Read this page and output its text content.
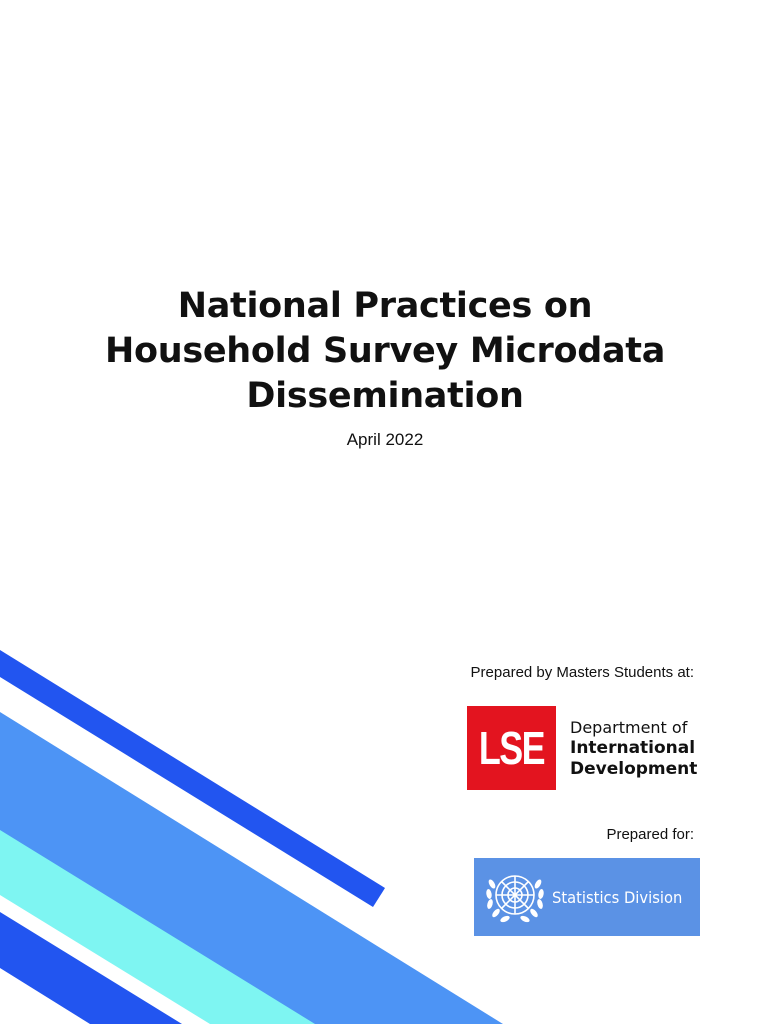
National Practices on
Household Survey Microdata
Dissemination
April 2022
Prepared by Masters Students at:
LSE	Department of
International
Development
Prepared for:
Statistics Division
